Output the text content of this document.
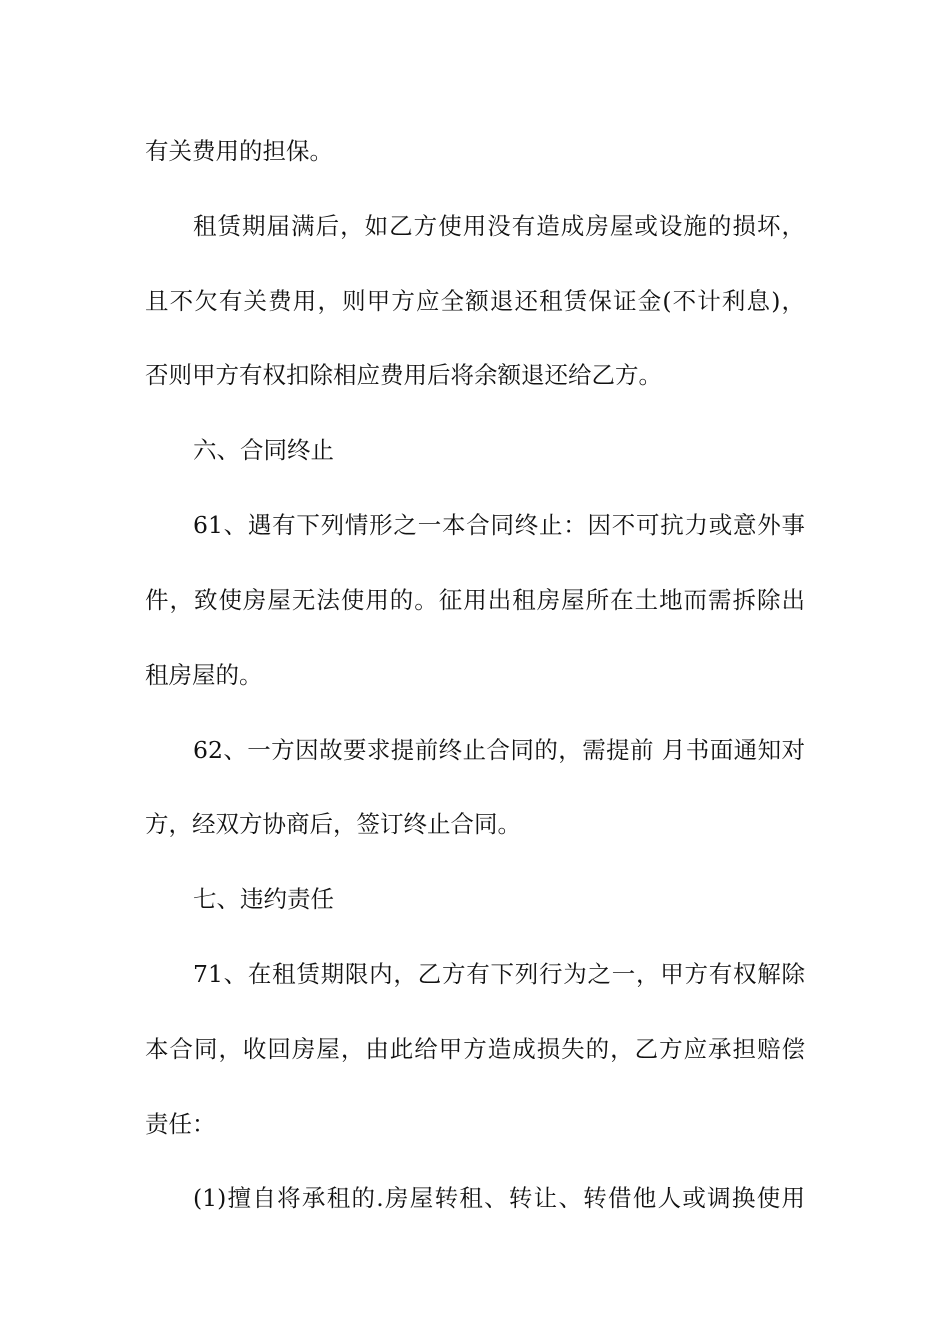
有关费用的担保。
租赁期届满后，如乙方使用没有造成房屋或设施的损坏，
且不欠有关费用，则甲方应全额退还租赁保证金(不计利息)，
否则甲方有权扣除相应费用后将余额退还给乙方。
六、合同终止
61、遇有下列情形之一本合同终止：因不可抗力或意外事
件，致使房屋无法使用的。征用出租房屋所在土地而需拆除出
租房屋的。
62、一方因故要求提前终止合同的，需提前 月书面通知对
方，经双方协商后，签订终止合同。
七、违约责任
71、在租赁期限内，乙方有下列行为之一，甲方有权解除
本合同，收回房屋，由此给甲方造成损失的，乙方应承担赔偿
责任：
(1)擅自将承租的.房屋转租、转让、转借他人或调换使用
